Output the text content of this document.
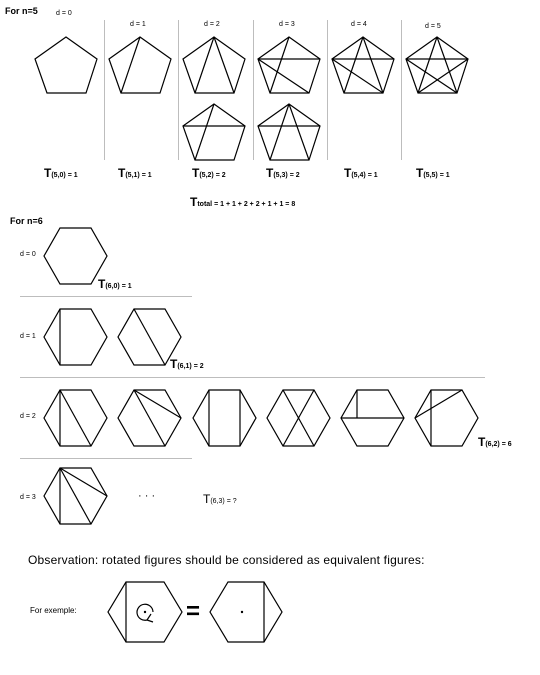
For n=5	d = 0
d = 1	d = 2	d = 3	d = 4	d = 5
T(5,0) = 1	T(5,1) = 1	T(5,2) = 2	T(5,3) = 2	T(5,4) = 1	T(5,5) = 1
Ttotal = 1 + 1 + 2 + 2 + 1 + 1 = 8
For n=6
d = 0
T(6,0) = 1
d = 1
T(6,1) = 2
d = 2
T(6,2) = 6
d = 3	· · ·	T(6,3) = ?
Observation: rotated figures should be considered as equivalent figures:
For exemple:	=
